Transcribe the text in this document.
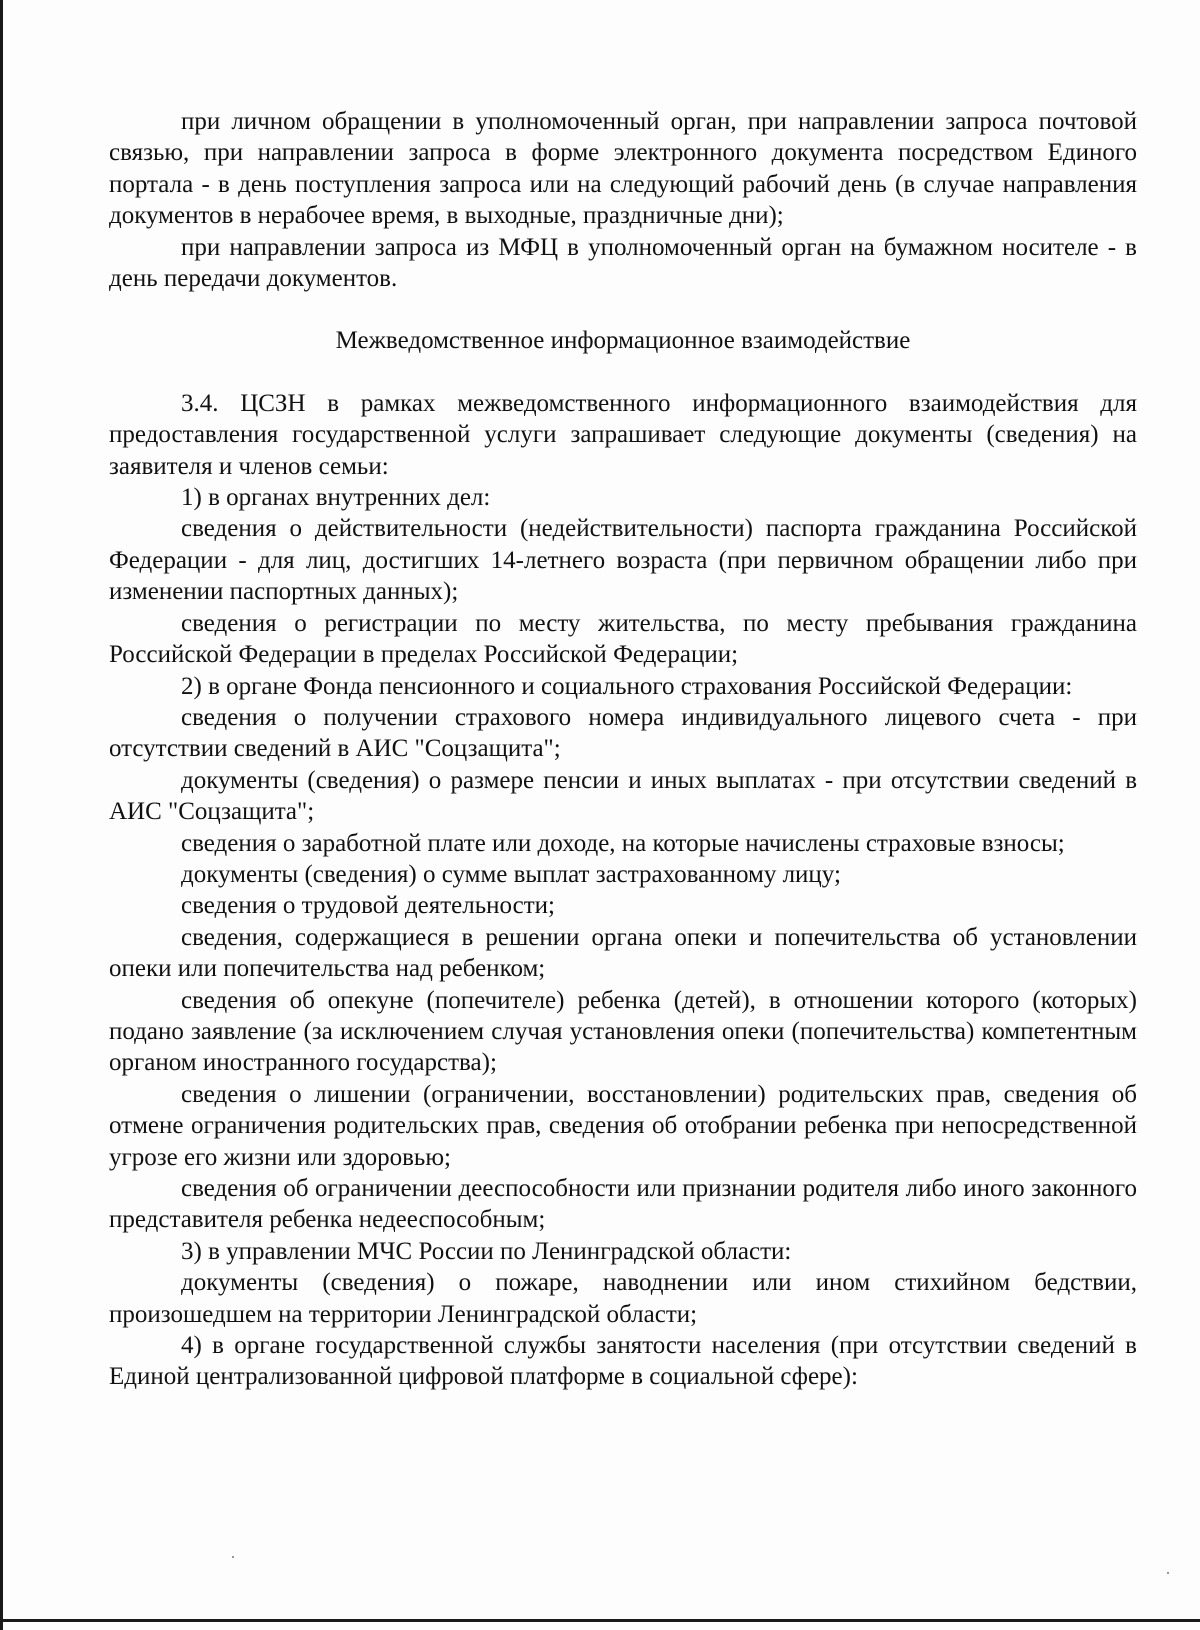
при личном обращении в уполномоченный орган, при направлении запроса почтовой связью, при направлении запроса в форме электронного документа посредством Единого портала - в день поступления запроса или на следующий рабочий день (в случае направления документов в нерабочее время, в выходные, праздничные дни);

при направлении запроса из МФЦ в уполномоченный орган на бумажном носителе - в день передачи документов.

Межведомственное информационное взаимодействие

3.4. ЦСЗН в рамках межведомственного информационного взаимодействия для предоставления государственной услуги запрашивает следующие документы (сведения) на заявителя и членов семьи:

1) в органах внутренних дел:

сведения о действительности (недействительности) паспорта гражданина Российской Федерации - для лиц, достигших 14-летнего возраста (при первичном обращении либо при изменении паспортных данных);

сведения о регистрации по месту жительства, по месту пребывания гражданина Российской Федерации в пределах Российской Федерации;

2) в органе Фонда пенсионного и социального страхования Российской Федерации:

сведения о получении страхового номера индивидуального лицевого счета - при отсутствии сведений в АИС "Соцзащита";

документы (сведения) о размере пенсии и иных выплатах - при отсутствии сведений в АИС "Соцзащита";

сведения о заработной плате или доходе, на которые начислены страховые взносы;

документы (сведения) о сумме выплат застрахованному лицу;

сведения о трудовой деятельности;

сведения, содержащиеся в решении органа опеки и попечительства об установлении опеки или попечительства над ребенком;

сведения об опекуне (попечителе) ребенка (детей), в отношении которого (которых) подано заявление (за исключением случая установления опеки (попечительства) компетентным органом иностранного государства);

сведения о лишении (ограничении, восстановлении) родительских прав, сведения об отмене ограничения родительских прав, сведения об отобрании ребенка при непосредственной угрозе его жизни или здоровью;

сведения об ограничении дееспособности или признании родителя либо иного законного представителя ребенка недееспособным;

3) в управлении МЧС России по Ленинградской области:

документы (сведения) о пожаре, наводнении или ином стихийном бедствии, произошедшем на территории Ленинградской области;

4) в органе государственной службы занятости населения (при отсутствии сведений в Единой централизованной цифровой платформе в социальной сфере):
